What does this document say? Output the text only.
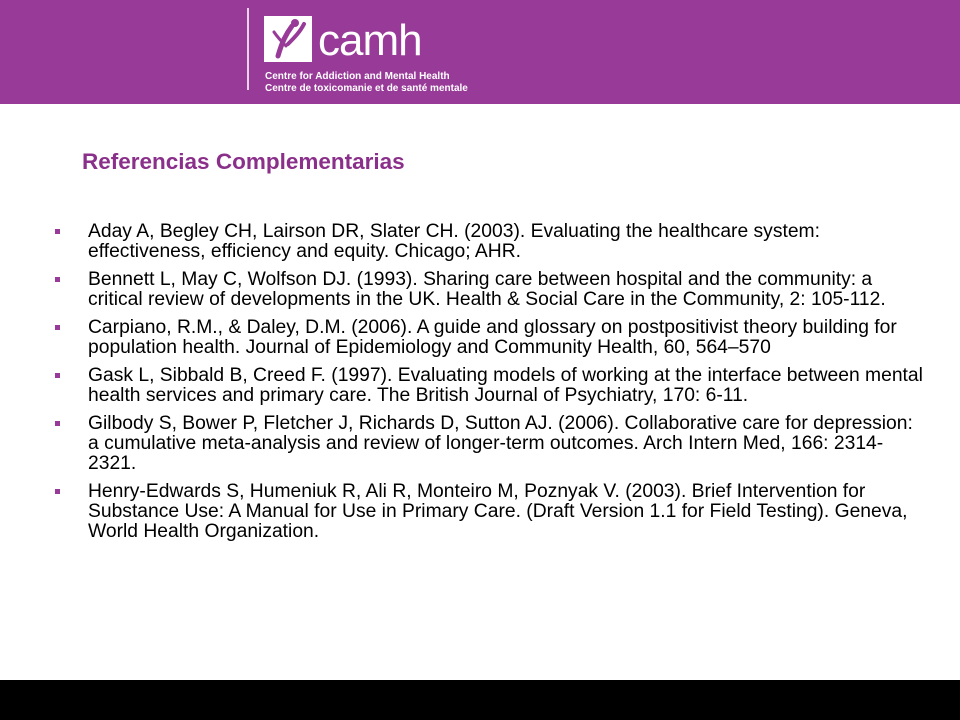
camh
Centre for Addiction and Mental Health
Centre de toxicomanie et de santé mentale
Referencias Complementarias
Aday A, Begley CH, Lairson DR, Slater CH. (2003). Evaluating the healthcare system: effectiveness, efficiency and equity. Chicago; AHR.
Bennett L, May C, Wolfson DJ. (1993). Sharing care between hospital and the community: a critical review of developments in the UK. Health & Social Care in the Community, 2: 105-112.
Carpiano, R.M., & Daley, D.M. (2006). A guide and glossary on postpositivist theory building for population health. Journal of Epidemiology and Community Health, 60, 564–570
Gask L, Sibbald B, Creed F. (1997). Evaluating models of working at the interface between mental health services and primary care. The British Journal of Psychiatry, 170: 6-11.
Gilbody S, Bower P, Fletcher J, Richards D, Sutton AJ. (2006). Collaborative care for depression: a cumulative meta-analysis and review of longer-term outcomes. Arch Intern Med, 166: 2314-2321.
Henry-Edwards S, Humeniuk R, Ali R, Monteiro M, Poznyak V. (2003). Brief Intervention for Substance Use: A Manual for Use in Primary Care. (Draft Version 1.1 for Field Testing). Geneva, World Health Organization.
